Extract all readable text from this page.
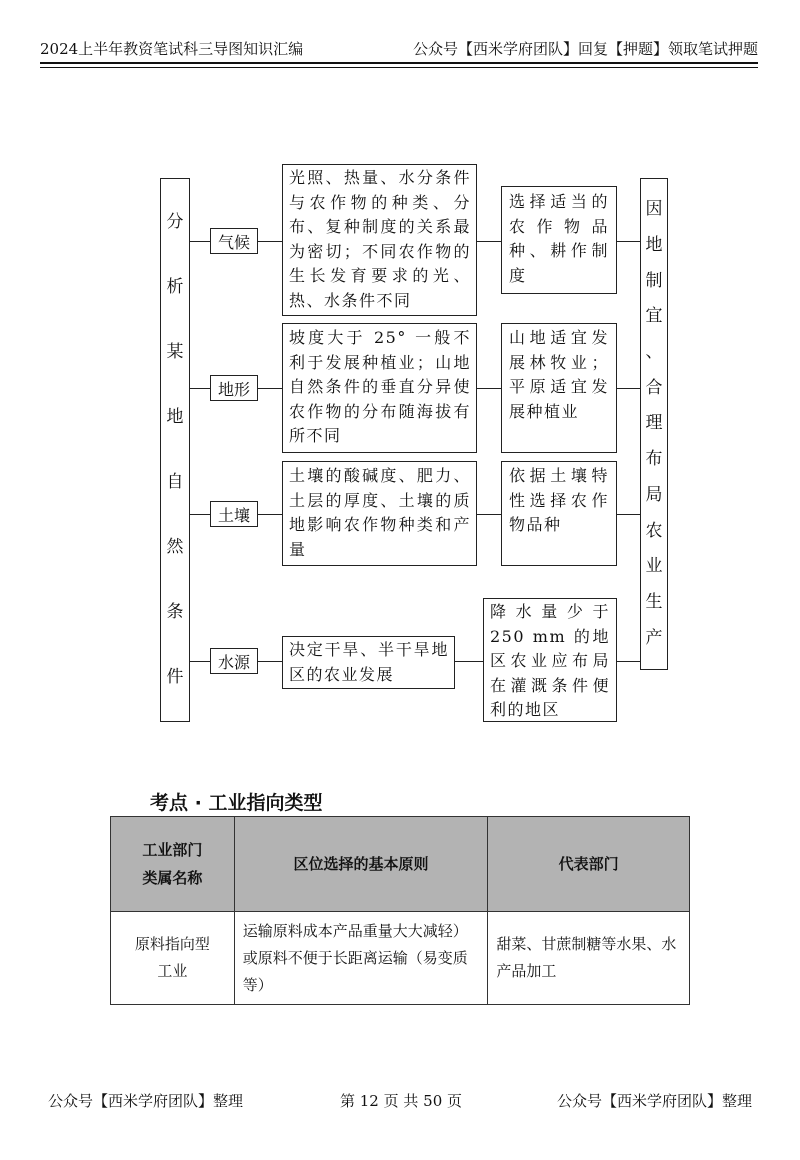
2024上半年教资笔试科三导图知识汇编	公众号【西米学府团队】回复【押题】领取笔试押题
分
析
某
地
自
然
条
件
因
地
制
宜
、
合
理
布
局
农
业
生
产
气候
光照、热量、水分条件与农作物的种类、分布、复种制度的关系最为密切；不同农作物的生长发育要求的光、热、水条件不同
选择适当的农作物品种、耕作制度
地形
坡度大于 25° 一般不利于发展种植业；山地自然条件的垂直分异使农作物的分布随海拔有所不同
山地适宜发展林牧业；平原适宜发展种植业
土壤
土壤的酸碱度、肥力、土层的厚度、土壤的质地影响农作物种类和产量
依据土壤特性选择农作物品种
水源
决定干旱、半干旱地区的农业发展
降水量少于 250 mm 的地区农业应布局在灌溉条件便利的地区
考点 · 工业指向类型
工业部门
类属名称	区位选择的基本原则	代表部门
原料指向型
工业	运输原料成本产品重量大大减轻）或原料不便于长距离运输（易变质等）	甜菜、甘蔗制糖等水果、水产品加工
公众号【西米学府团队】整理	第 12 页 共 50 页	公众号【西米学府团队】整理
